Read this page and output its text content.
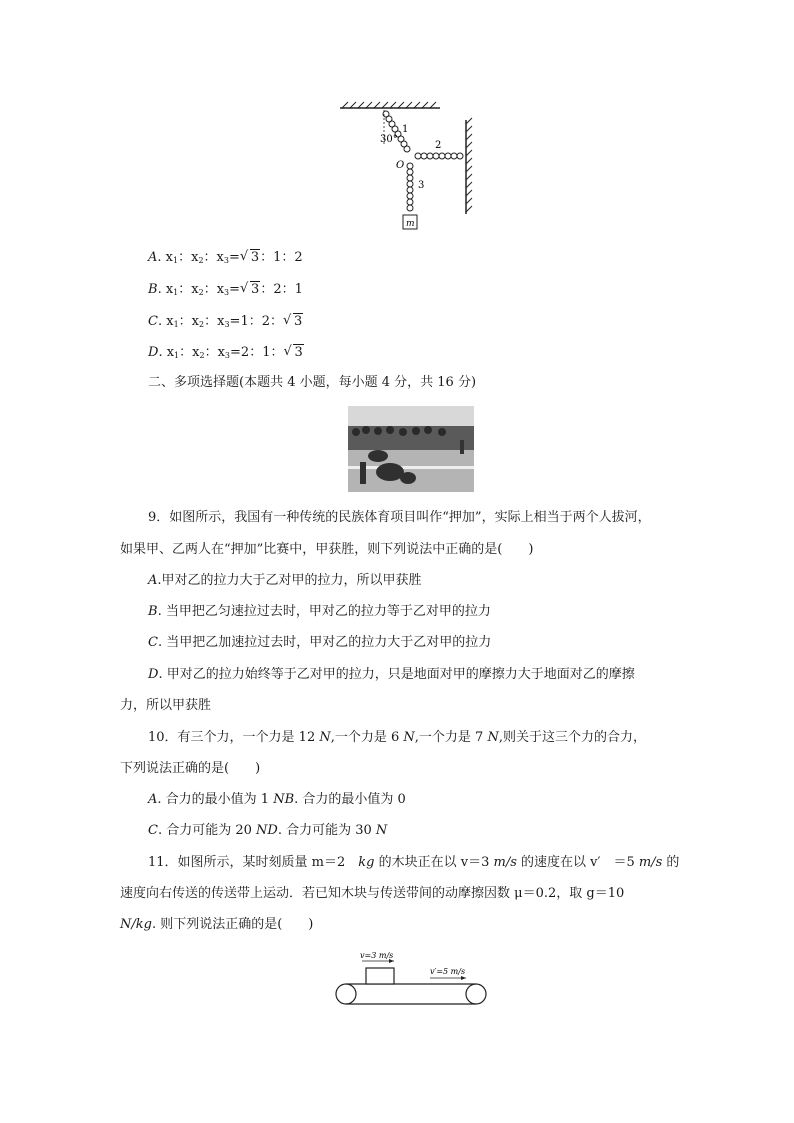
m
1
2
3
30°
O
A. $x_1$：$x_2$：$x_3=√$ 3：1：2
B. $x_1$：$x_2$：$x_3=√$ 3：2：1
C. $x_1$：$x_2$：$x_3=1$：2：√ 3
D. $x_1$：$x_2$：$x_3=2$：1：√ 3
二、多项选择题(本题共 4 小题，每小题 4 分，共 16 分)
9．如图所示，我国有一种传统的民族体育项目叫作“押加”，实际上相当于两个人拔河，
如果甲、乙两人在“押加”比赛中，甲获胜，则下列说法中正确的是(　　)
A.甲对乙的拉力大于乙对甲的拉力，所以甲获胜
B. 当甲把乙匀速拉过去时，甲对乙的拉力等于乙对甲的拉力
C. 当甲把乙加速拉过去时，甲对乙的拉力大于乙对甲的拉力
D. 甲对乙的拉力始终等于乙对甲的拉力，只是地面对甲的摩擦力大于地面对乙的摩擦
力，所以甲获胜
10．有三个力，一个力是 12 N,一个力是 6 N,一个力是 7 N,则关于这三个力的合力，
下列说法正确的是(　　)
A. 合力的最小值为 1 NB. 合力的最小值为 0
C. 合力可能为 20 ND. 合力可能为 30 N
11．如图所示，某时刻质量 m＝2　kg 的木块正在以 v＝3 m/s 的速度在以 v′　＝5 m/s 的
速度向右传送的传送带上运动．若已知木块与传送带间的动摩擦因数 μ＝0.2，取 g＝10
N/kg. 则下列说法正确的是(　　)
v=3 m/s
v′=5 m/s
